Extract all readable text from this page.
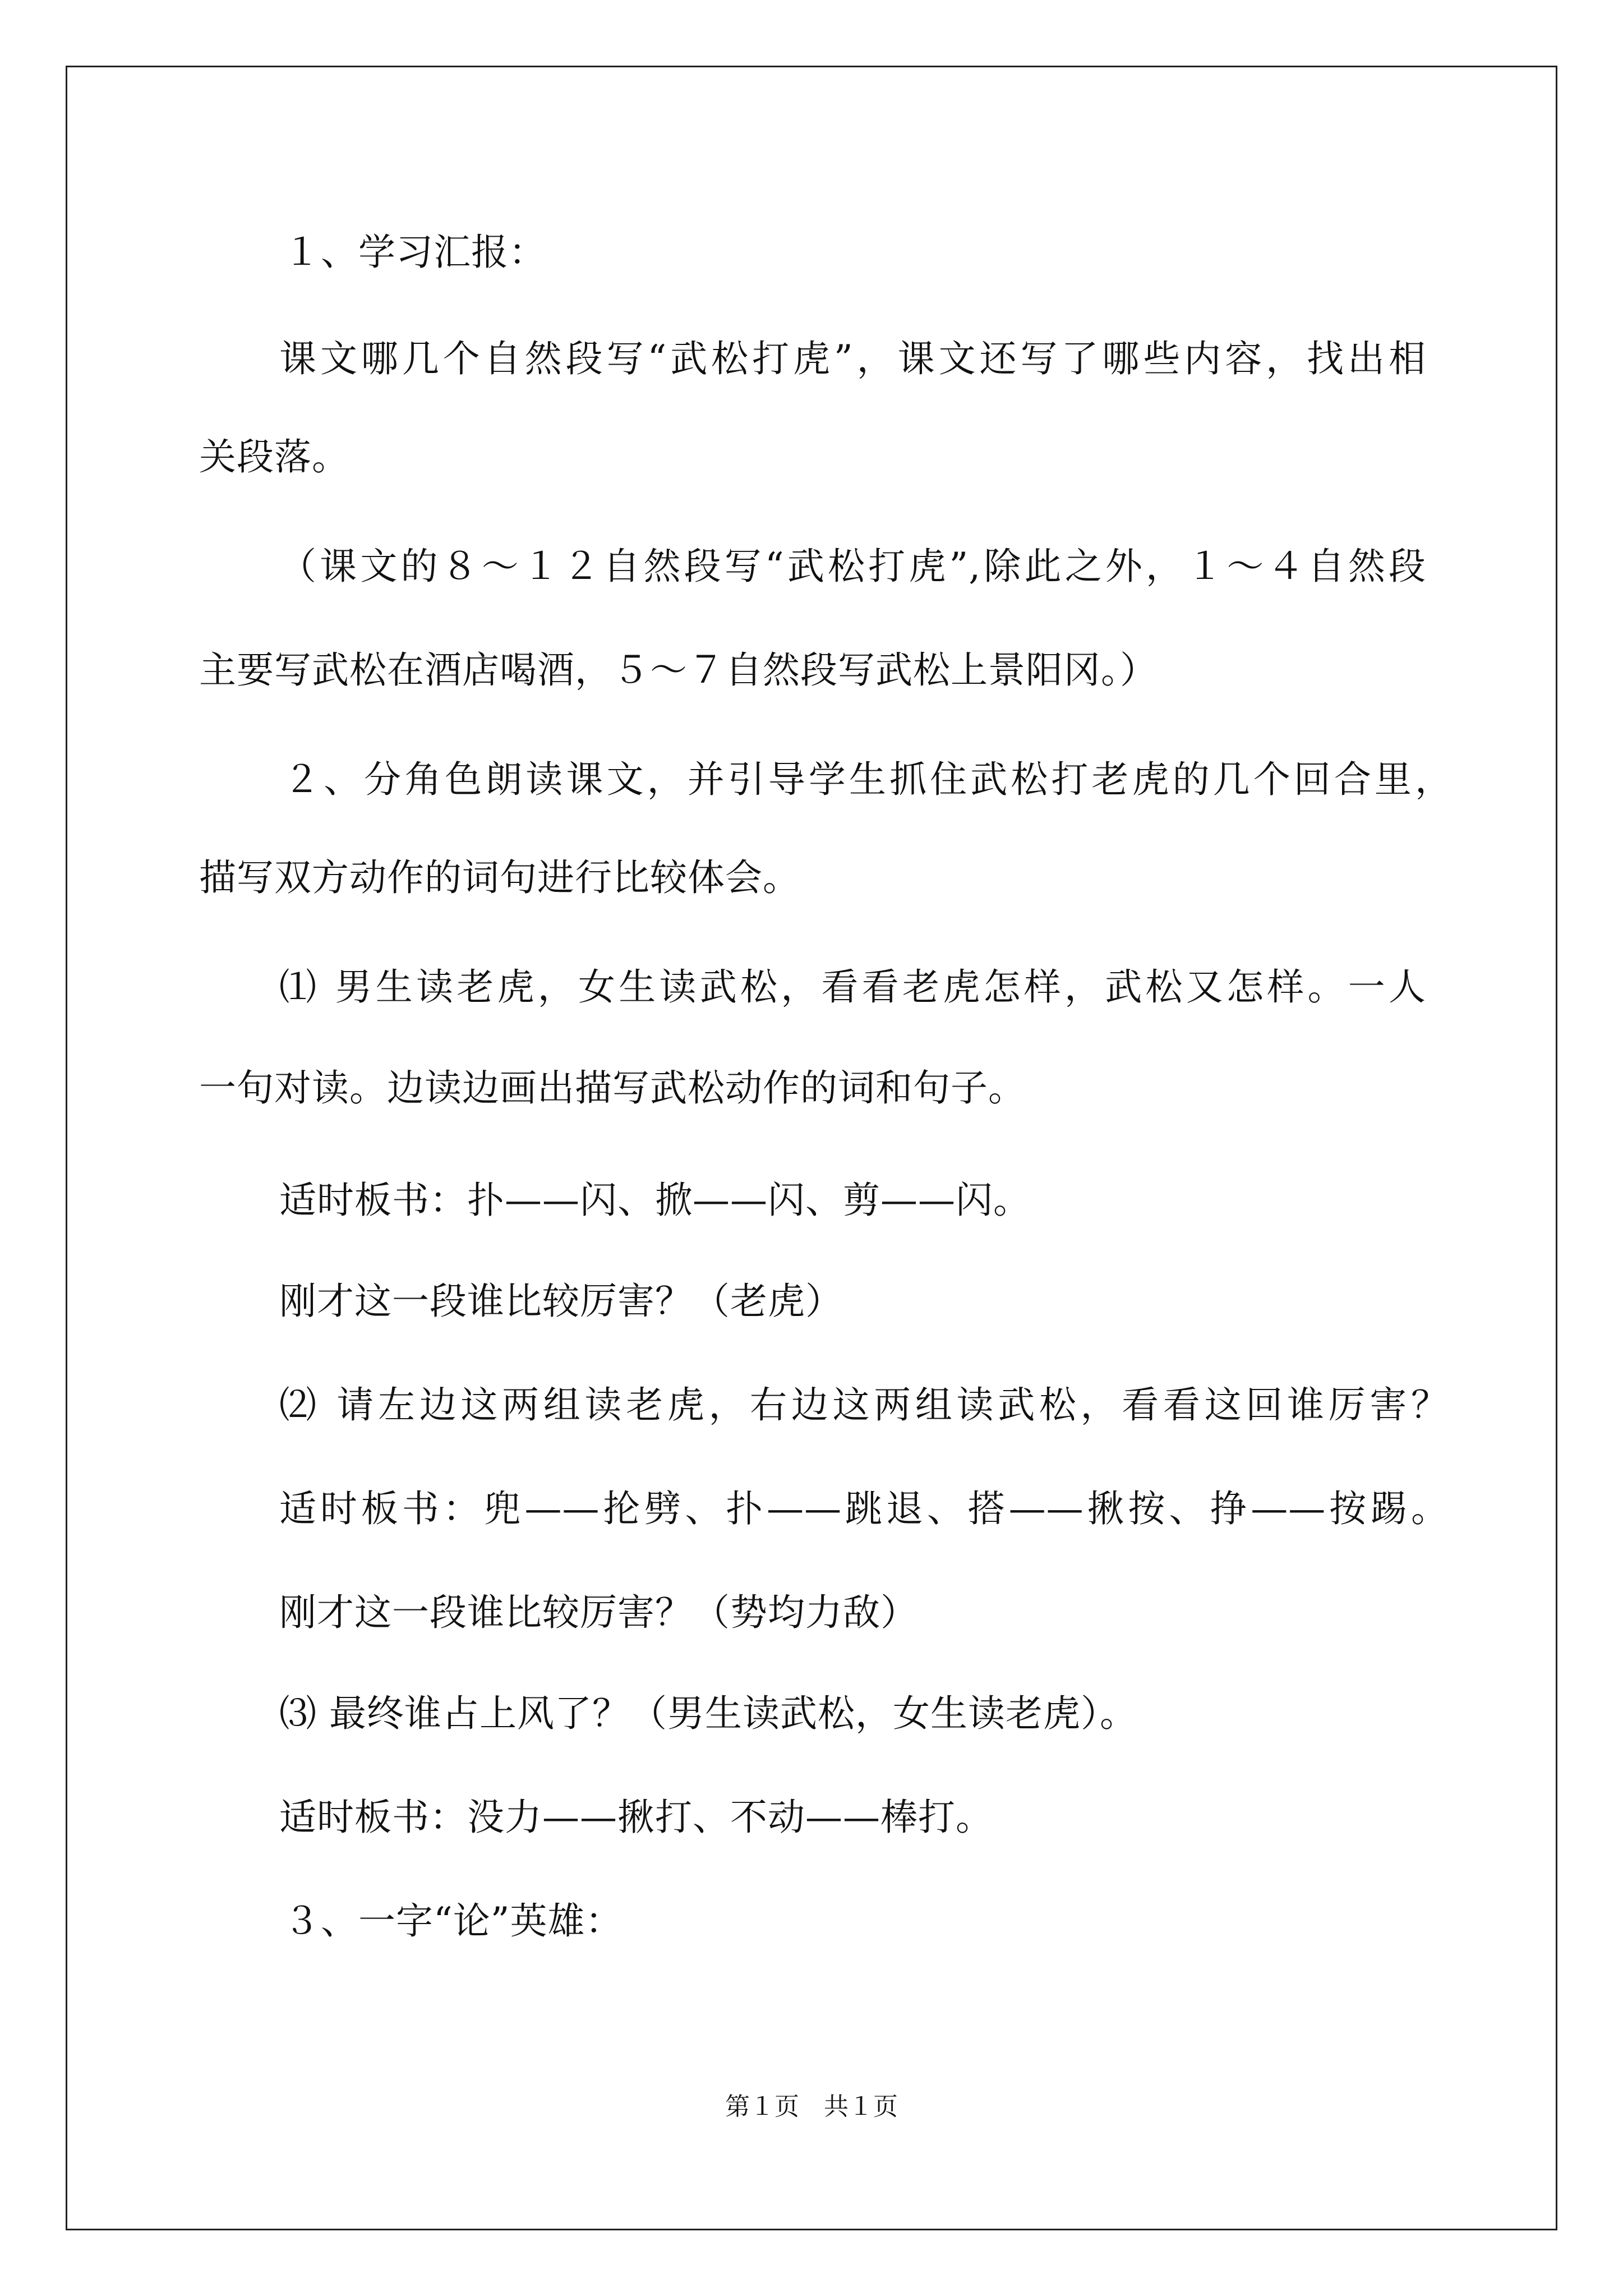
１、学习汇报：
课文哪几个自然段写“武松打虎”，课文还写了哪些内容，找出相
关段落。
（课文的８～１２自然段写“武松打虎”,除此之外，１～４自然段
主要写武松在酒店喝酒，５～７自然段写武松上景阳冈。）
２、分角色朗读课文，并引导学生抓住武松打老虎的几个回合里，
描写双方动作的词句进行比较体会。
⑴ 男生读老虎，女生读武松，看看老虎怎样，武松又怎样。一人
一句对读。边读边画出描写武松动作的词和句子。
适时板书：扑——闪、掀——闪、剪——闪。
刚才这一段谁比较厉害？（老虎）
⑵ 请左边这两组读老虎，右边这两组读武松，看看这回谁厉害？
适时板书：兜——抡劈、扑——跳退、搭——揪按、挣——按踢。
刚才这一段谁比较厉害？（势均力敌）
⑶ 最终谁占上风了？（男生读武松，女生读老虎）。
适时板书：没力——揪打、不动——棒打。
３、一字“论”英雄：
第１页　共１页
